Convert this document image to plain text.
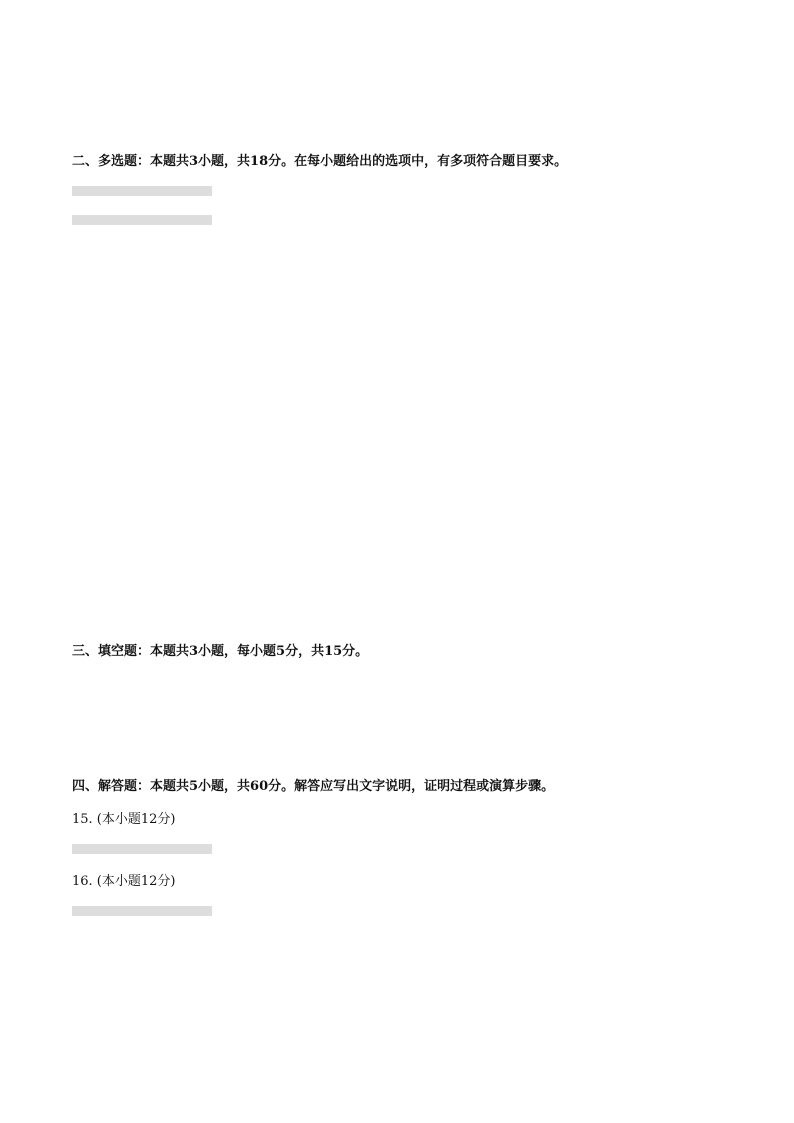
二、多选题：本题共3小题，共18分。在每小题给出的选项中，有多项符合题目要求。
三、填空题：本题共3小题，每小题5分，共15分。
四、解答题：本题共5小题，共60分。解答应写出文字说明，证明过程或演算步骤。
15. (本小题12分)
16. (本小题12分)
